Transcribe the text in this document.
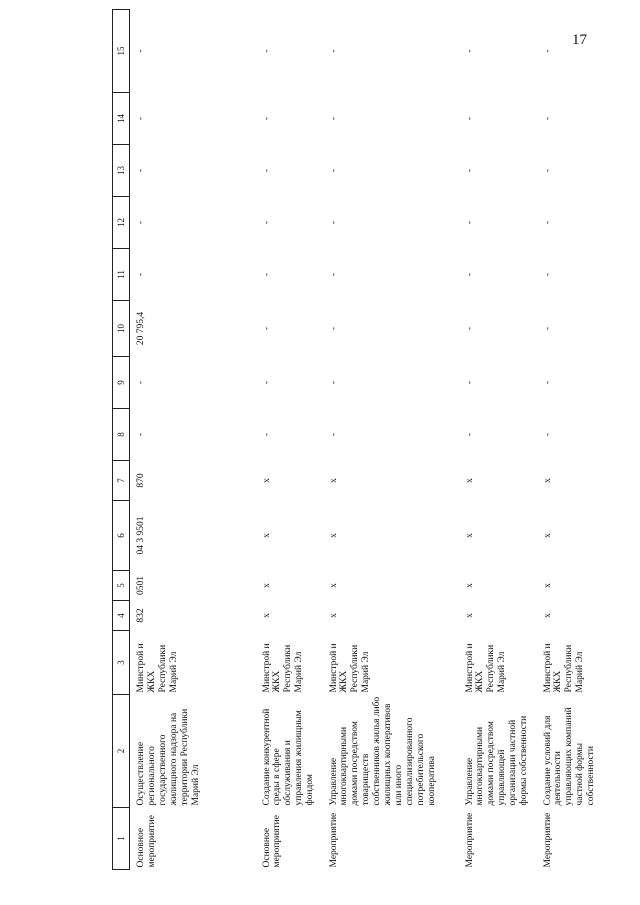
17
1	2	3	4	5	6	7	8	9	10	11	12	13	14	15
Основное мероприятие	Осуществление регионального государственного жилищного надзора на территории Республики Марий Эл	Минстрой и ЖКХ Республики Марий Эл	832	0501	04 3 9501	870	-	-	20 795,4	-	-	-	-	-
Основное мероприятие	Создание конкурентной среды в сфере обслуживания и управления жилищным фондом	Минстрой и ЖКХ Республики Марий Эл	x	x	x	x	-	-	-	-	-	-	-	-
Мероприятие	Управление многоквартирными домами посредством товариществ собственников жилья либо жилищных кооперативов или иного специализированного потребительского кооператива	Минстрой и ЖКХ Республики Марий Эл	x	x	x	x	-	-	-	-	-	-	-	-
Мероприятие	Управление многоквартирными домами посредством управляющей организации частной формы собственности	Минстрой и ЖКХ Республики Марий Эл	x	x	x	x	-	-	-	-	-	-	-	-
Мероприятие	Создание условий для деятельности управляющих компаний частной формы собственности	Минстрой и ЖКХ Республики Марий Эл	x	x	x	x	-	-	-	-	-	-	-	-
